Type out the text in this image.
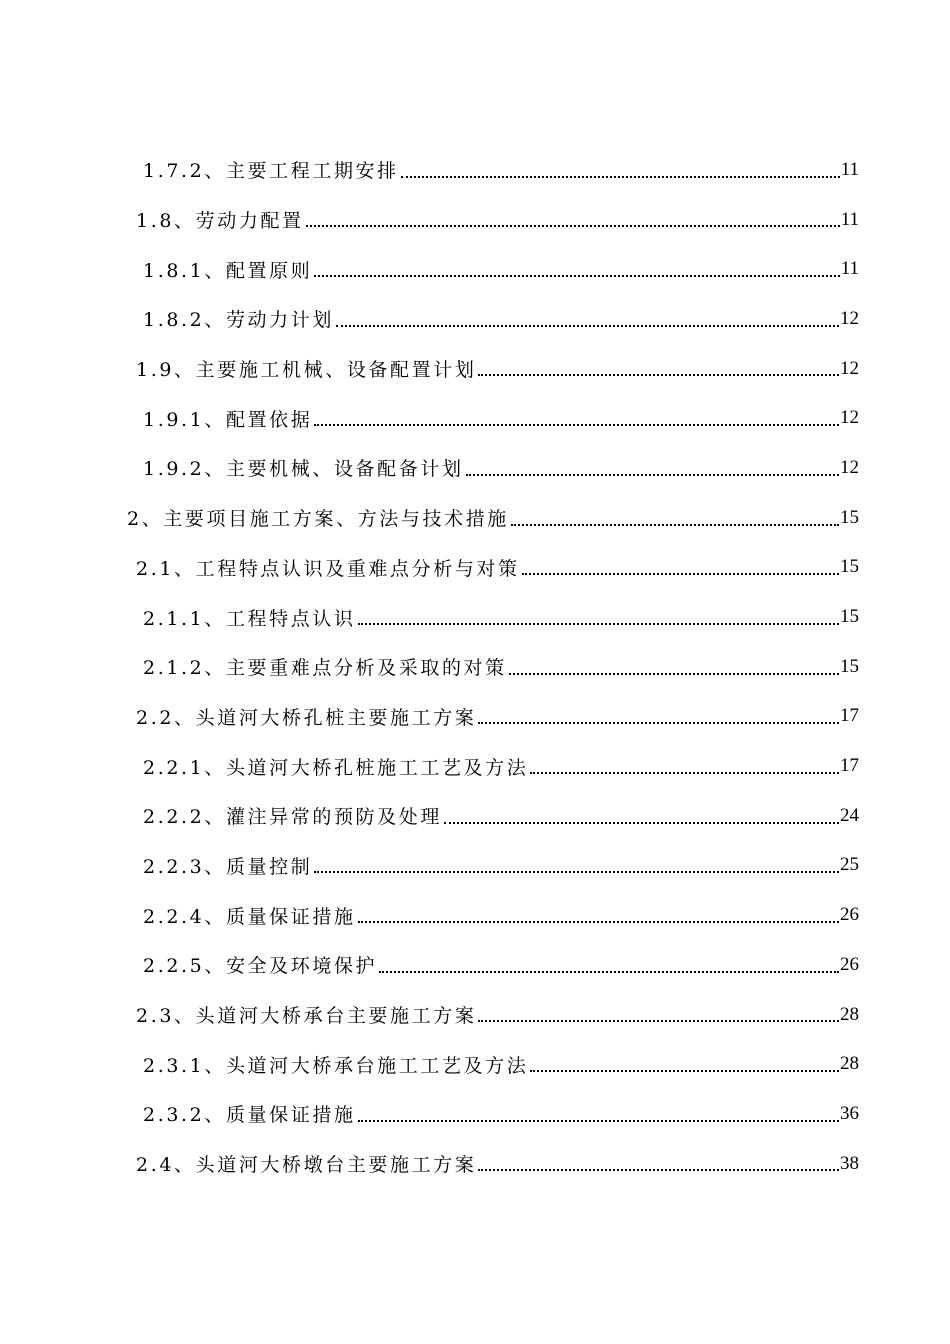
1.7.2、主要工程工期安排	11
1.8、劳动力配置	11
1.8.1、配置原则	11
1.8.2、劳动力计划	12
1.9、主要施工机械、设备配置计划	12
1.9.1、配置依据	12
1.9.2、主要机械、设备配备计划	12
2、主要项目施工方案、方法与技术措施	15
2.1、工程特点认识及重难点分析与对策	15
2.1.1、工程特点认识	15
2.1.2、主要重难点分析及采取的对策	15
2.2、头道河大桥孔桩主要施工方案	17
2.2.1、头道河大桥孔桩施工工艺及方法	17
2.2.2、灌注异常的预防及处理	24
2.2.3、质量控制	25
2.2.4、质量保证措施	26
2.2.5、安全及环境保护	26
2.3、头道河大桥承台主要施工方案	28
2.3.1、头道河大桥承台施工工艺及方法	28
2.3.2、质量保证措施	36
2.4、头道河大桥墩台主要施工方案	38
